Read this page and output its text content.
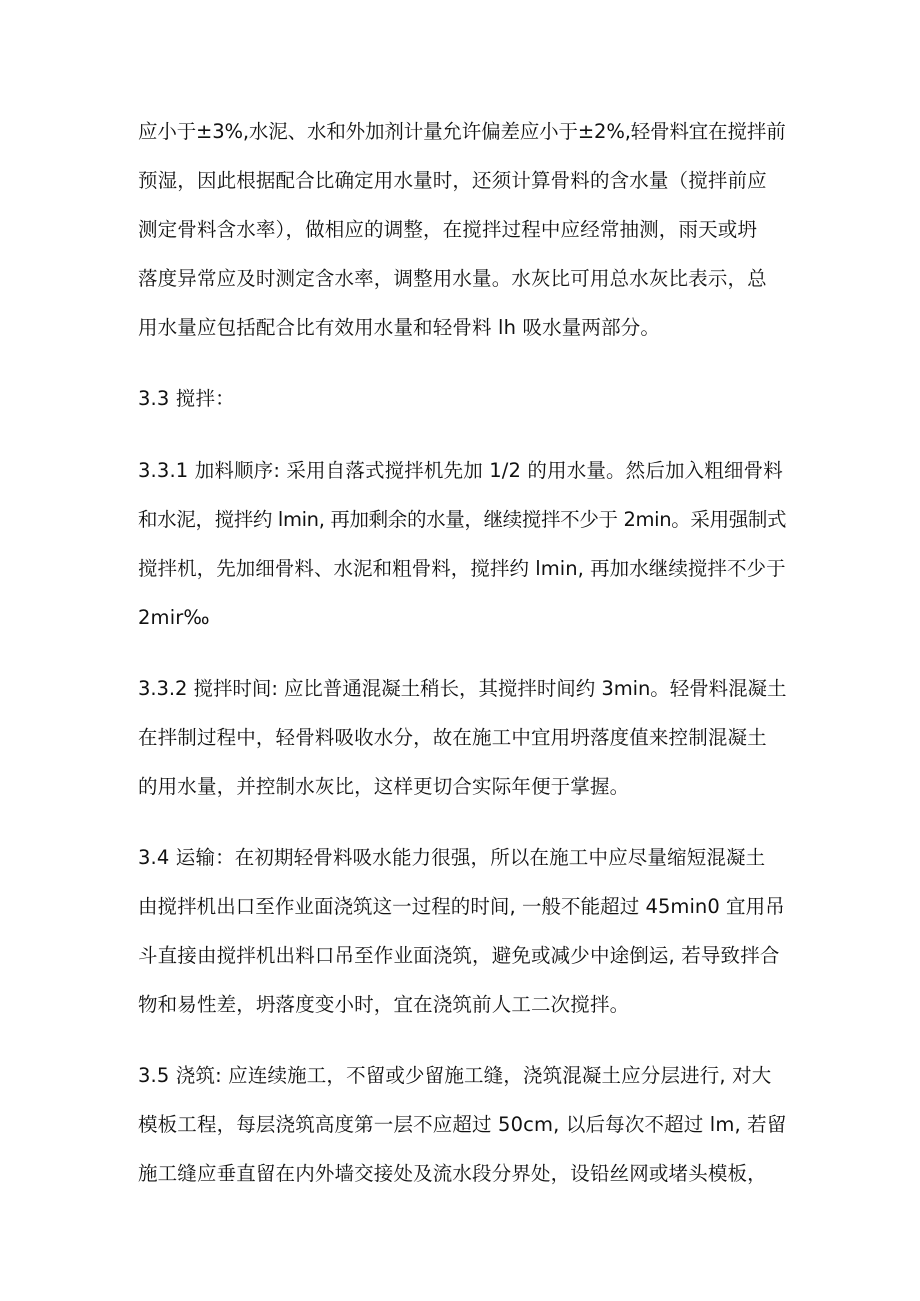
应小于±3%,水泥、水和外加剂计量允许偏差应小于±2%,轻骨料宜在搅拌前
预湿，因此根据配合比确定用水量时，还须计算骨料的含水量（搅拌前应
测定骨料含水率），做相应的调整，在搅拌过程中应经常抽测，雨天或坍
落度异常应及时测定含水率，调整用水量。水灰比可用总水灰比表示，总
用水量应包括配合比有效用水量和轻骨料 lh 吸水量两部分。
3.3 搅拌：
3.3.1 加料顺序: 采用自落式搅拌机先加 1/2 的用水量。然后加入粗细骨料
和水泥，搅拌约 lmin, 再加剩余的水量，继续搅拌不少于 2min。采用强制式
搅拌机，先加细骨料、水泥和粗骨料，搅拌约 lmin, 再加水继续搅拌不少于
2mir‰
3.3.2 搅拌时间: 应比普通混凝土稍长，其搅拌时间约 3min。轻骨料混凝土
在拌制过程中，轻骨料吸收水分，故在施工中宜用坍落度值来控制混凝土
的用水量，并控制水灰比，这样更切合实际年便于掌握。
3.4 运输：在初期轻骨料吸水能力很强，所以在施工中应尽量缩短混凝土
由搅拌机出口至作业面浇筑这一过程的时间, 一般不能超过 45min0 宜用吊
斗直接由搅拌机出料口吊至作业面浇筑，避免或减少中途倒运, 若导致拌合
物和易性差，坍落度变小时，宜在浇筑前人工二次搅拌。
3.5 浇筑: 应连续施工，不留或少留施工缝，浇筑混凝土应分层进行, 对大
模板工程，每层浇筑高度第一层不应超过 50cm, 以后每次不超过 lm, 若留
施工缝应垂直留在内外墙交接处及流水段分界处，设铅丝网或堵头模板，
